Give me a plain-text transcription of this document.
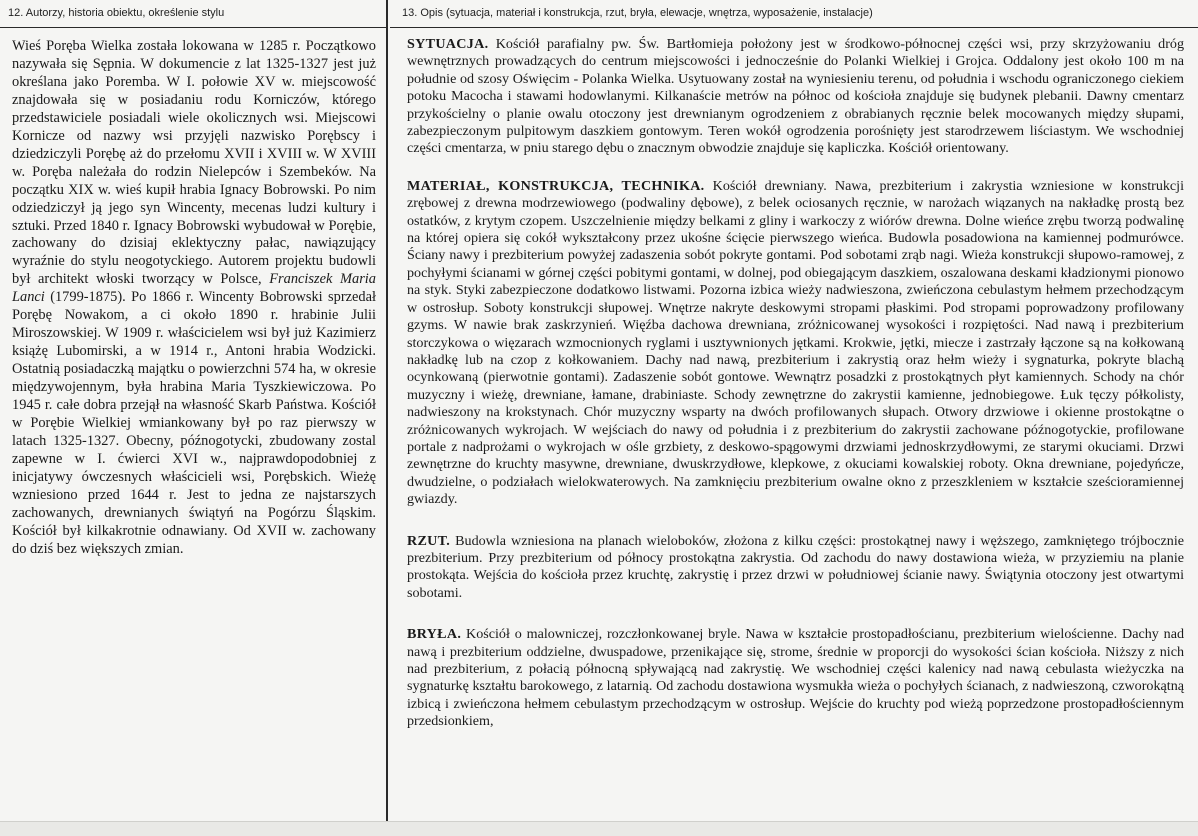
12. Autorzy, historia obiektu, określenie stylu
Wieś Poręba Wielka została lokowana w 1285 r. Początkowo nazywała się Sępnia. W dokumencie z lat 1325-1327 jest już określana jako Poremba. W I. połowie XV w. miejscowość znajdowała się w posiadaniu rodu Korniczów, którego przedstawiciele posiadali wiele okolicznych wsi. Miejscowi Kornicze od nazwy wsi przyjęli nazwisko Porębscy i dziedziczyli Porębę aż do przełomu XVII i XVIII w. W XVIII w. Poręba należała do rodzin Nielepców i Szembeków. Na początku XIX w. wieś kupił hrabia Ignacy Bobrowski. Po nim odziedziczył ją jego syn Wincenty, mecenas ludzi kultury i sztuki. Przed 1840 r. Ignacy Bobrowski wybudował w Porębie, zachowany do dzisiaj eklektyczny pałac, nawiązujący wyraźnie do stylu neogotyckiego. Autorem projektu budowli był architekt włoski tworzący w Polsce, Franciszek Maria Lanci (1799-1875). Po 1866 r. Wincenty Bobrowski sprzedał Porębę Nowakom, a ci około 1890 r. hrabinie Julii Miroszowskiej. W 1909 r. właścicielem wsi był już Kazimierz książę Lubomirski, a w 1914 r., Antoni hrabia Wodzicki. Ostatnią posiadaczką majątku o powierzchni 574 ha, w okresie międzywojennym, była hrabina Maria Tyszkiewiczowa. Po 1945 r. całe dobra przejął na własność Skarb Państwa. Kościół w Porębie Wielkiej wmiankowany był po raz pierwszy w latach 1325-1327. Obecny, późnogotycki, zbudowany zostal zapewne w I. ćwierci XVI w., najprawdopodobniej z inicjatywy ówczesnych właścicieli wsi, Porębskich. Wieżę wzniesiono przed 1644 r. Jest to jedna ze najstarszych zachowanych, drewnianych świątyń na Pogórzu Śląskim. Kościół był kilkakrotnie odnawiany. Od XVII w. zachowany do dziś bez większych zmian.
13. Opis (sytuacja, materiał i konstrukcja, rzut, bryła, elewacje, wnętrza, wyposażenie, instalacje)

SYTUACJA. Kościół parafialny pw. Św. Bartłomieja położony jest w środkowo-północnej części wsi, przy skrzyżowaniu dróg wewnętrznych prowadzących do centrum miejscowości i jednocześnie do Polanki Wielkiej i Grojca. Oddalony jest około 100 m na południe od szosy Oświęcim - Polanka Wielka. Usytuowany został na wyniesieniu terenu, od południa i wschodu ograniczonego ciekiem potoku Macocha i stawami hodowlanymi. Kilkanaście metrów na północ od kościoła znajduje się budynek plebanii. Dawny cmentarz przykościelny o planie owalu otoczony jest drewnianym ogrodzeniem z obrabianych ręcznie belek mocowanych między słupami, zabezpieczonym pulpitowym daszkiem gontowym. Teren wokół ogrodzenia porośnięty jest starodrzewem liściastym. We wschodniej części cmentarza, w pniu starego dębu o znacznym obwodzie znajduje się kapliczka. Kościół orientowany.

MATERIAŁ, KONSTRUKCJA, TECHNIKA. Kościół drewniany. Nawa, prezbiterium i zakrystia wzniesione w konstrukcji zrębowej z drewna modrzewiowego (podwaliny dębowe), z belek ociosanych ręcznie, w narożach wiązanych na nakładkę prostą bez ostatków, z krytym czopem. Uszczelnienie między belkami z gliny i warkoczy z wiórów drewna. Dolne wieńce zrębu tworzą podwalinę na której opiera się cokół wykształcony przez ukośne ścięcie pierwszego wieńca. Budowla posadowiona na kamiennej podmurówce. Ściany nawy i prezbiterium powyżej zadaszenia sobót pokryte gontami. Pod sobotami zrąb nagi. Wieża konstrukcji słupowo-ramowej, z pochyłymi ścianami w górnej części pobitymi gontami, w dolnej, pod obiegającym daszkiem, oszalowana deskami kładzionymi pionowo na styk. Styki zabezpieczone dodatkowo listwami. Pozorna izbica wieży nadwieszona, zwieńczona cebulastym hełmem przechodzącym w ostrosłup. Soboty konstrukcji słupowej. Wnętrze nakryte deskowymi stropami płaskimi. Pod stropami poprowadzony profilowany gzyms. W nawie brak zaskrzynień. Więźba dachowa drewniana, zróżnicowanej wysokości i rozpiętości. Nad nawą i prezbiterium storczykowa o więzarach wzmocnionych ryglami i usztywnionych jętkami. Krokwie, jętki, miecze i zastrzały łączone są na kołkowaną nakładkę lub na czop z kołkowaniem. Dachy nad nawą, prezbiterium i zakrystią oraz hełm wieży i sygnaturka, pokryte blachą ocynkowaną (pierwotnie gontami). Zadaszenie sobót gontowe. Wewnątrz posadzki z prostokątnych płyt kamiennych. Schody na chór muzyczny i wieżę, drewniane, łamane, drabiniaste. Schody zewnętrzne do zakrystii kamienne, jednobiegowe. Łuk tęczy półkolisty, nadwieszony na krokstynach. Chór muzyczny wsparty na dwóch profilowanych słupach. Otwory drzwiowe i okienne prostokątne o zróżnicowanych wykrojach. W wejściach do nawy od południa i z prezbiterium do zakrystii zachowane późnogotyckie, profilowane portale z nadprożami o wykrojach w ośle grzbiety, z deskowo-spągowymi drzwiami jednoskrzydłowymi, ze starymi okuciami. Drzwi zewnętrzne do kruchty masywne, drewniane, dwuskrzydłowe, klepkowe, z okuciami kowalskiej roboty. Okna drewniane, pojedyńcze, dwudzielne, o podziałach wielokwaterowych. Na zamknięciu prezbiterium owalne okno z przeszkleniem w kształcie sześcioramiennej gwiazdy.

RZUT. Budowla wzniesiona na planach wieloboków, złożona z kilku części: prostokątnej nawy i węższego, zamkniętego trójbocznie prezbiterium. Przy prezbiterium od północy prostokątna zakrystia. Od zachodu do nawy dostawiona wieża, w przyziemiu na planie prostokąta. Wejścia do kościoła przez kruchtę, zakrystię i przez drzwi w południowej ścianie nawy. Świątynia otoczony jest otwartymi sobotami.

BRYŁA. Kościół o malowniczej, rozczłonkowanej bryle. Nawa w kształcie prostopadłościanu, prezbiterium wielościenne. Dachy nad nawą i prezbiterium oddzielne, dwuspadowe, przenikające się, strome, średnie w proporcji do wysokości ścian kościoła. Niższy z nich nad prezbiterium, z połacią północną spływającą nad zakrystię. We wschodniej części kalenicy nad nawą cebulasta wieżyczka na sygnaturkę kształtu barokowego, z latarnią. Od zachodu dostawiona wysmukła wieża o pochyłych ścianach, z nadwieszoną, czworokątną izbicą i zwieńczona hełmem cebulastym przechodzącym w ostrosłup. Wejście do kruchty pod wieżą poprzedzone prostopadłościennym przedsionkiem,
